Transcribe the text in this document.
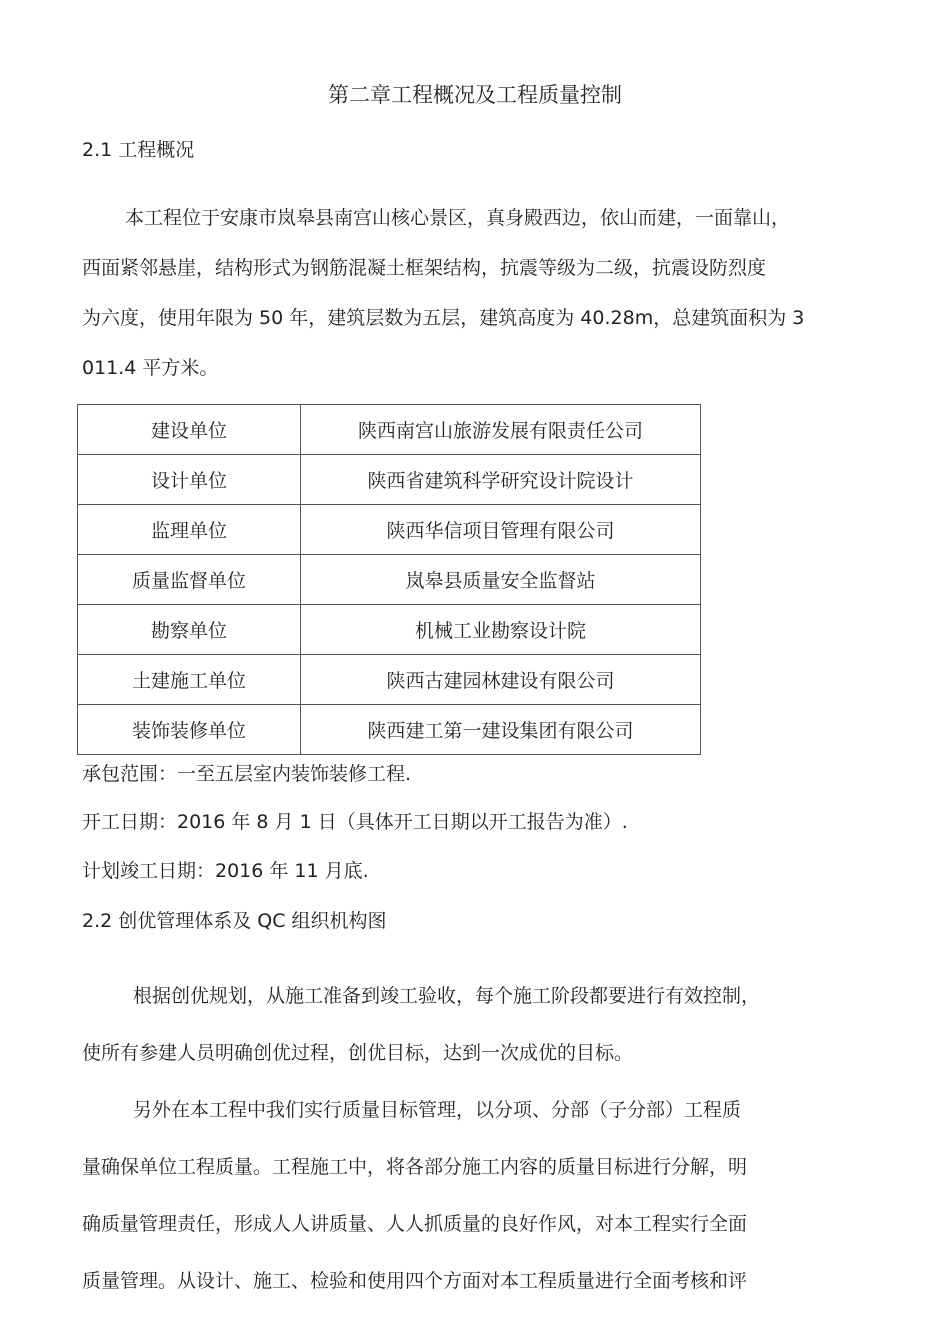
第二章工程概况及工程质量控制
2.1 工程概况
本工程位于安康市岚皋县南宫山核心景区，真身殿西边，依山而建，一面靠山，
西面紧邻悬崖，结构形式为钢筋混凝土框架结构，抗震等级为二级，抗震设防烈度
为六度，使用年限为 50 年，建筑层数为五层，建筑高度为 40.28m，总建筑面积为 3
011.4 平方米。
建设单位	陕西南宫山旅游发展有限责任公司
设计单位	陕西省建筑科学研究设计院设计
监理单位	陕西华信项目管理有限公司
质量监督单位	岚皋县质量安全监督站
勘察单位	机械工业勘察设计院
土建施工单位	陕西古建园林建设有限公司
装饰装修单位	陕西建工第一建设集团有限公司
承包范围：一至五层室内装饰装修工程.
开工日期：2016 年 8 月 1 日（具体开工日期以开工报告为准）.
计划竣工日期：2016 年 11 月底.
2.2 创优管理体系及 QC 组织机构图
根据创优规划，从施工准备到竣工验收，每个施工阶段都要进行有效控制，
使所有参建人员明确创优过程，创优目标，达到一次成优的目标。
另外在本工程中我们实行质量目标管理，以分项、分部（子分部）工程质
量确保单位工程质量。工程施工中，将各部分施工内容的质量目标进行分解，明
确质量管理责任，形成人人讲质量、人人抓质量的良好作风，对本工程实行全面
质量管理。从设计、施工、检验和使用四个方面对本工程质量进行全面考核和评
